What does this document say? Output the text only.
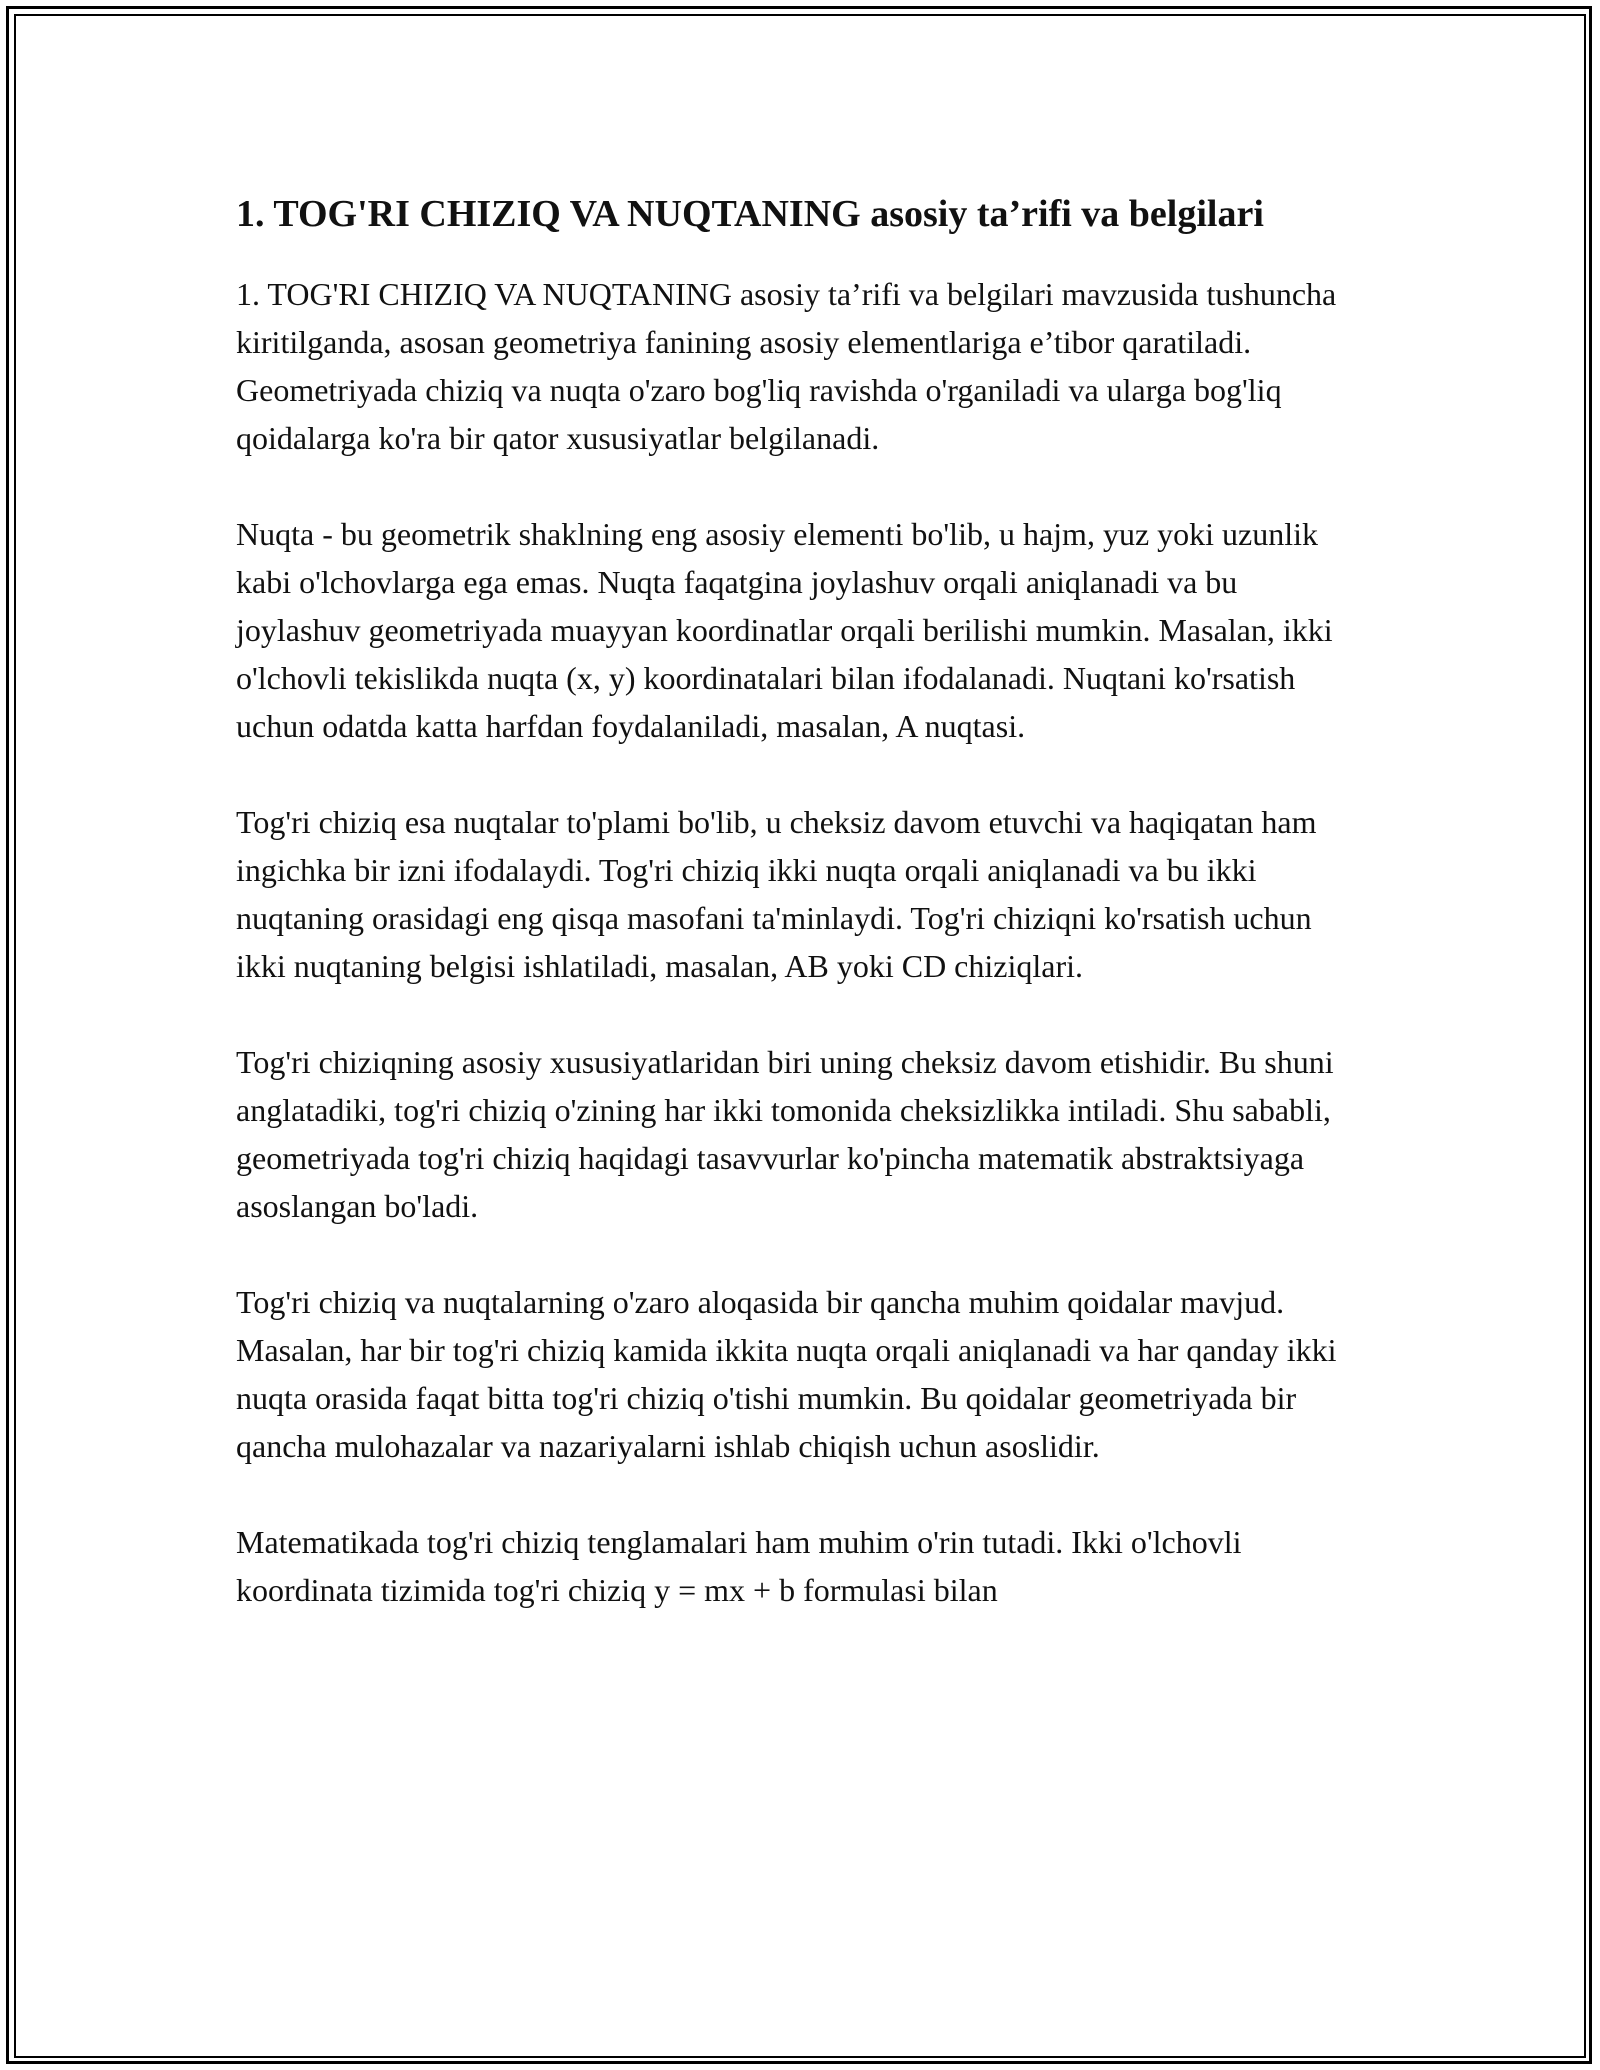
1. TOG'RI CHIZIQ VA NUQTANING asosiy ta’rifi va belgilari

1. TOG'RI CHIZIQ VA NUQTANING asosiy ta’rifi va belgilari mavzusida tushuncha kiritilganda, asosan geometriya fanining asosiy elementlariga e’tibor qaratiladi. Geometriyada chiziq va nuqta o'zaro bog'liq ravishda o'rganiladi va ularga bog'liq qoidalarga ko'ra bir qator xususiyatlar belgilanadi.

Nuqta - bu geometrik shaklning eng asosiy elementi bo'lib, u hajm, yuz yoki uzunlik kabi o'lchovlarga ega emas. Nuqta faqatgina joylashuv orqali aniqlanadi va bu joylashuv geometriyada muayyan koordinatlar orqali berilishi mumkin. Masalan, ikki o'lchovli tekislikda nuqta (x, y) koordinatalari bilan ifodalanadi. Nuqtani ko'rsatish uchun odatda katta harfdan foydalaniladi, masalan, A nuqtasi.

Tog'ri chiziq esa nuqtalar to'plami bo'lib, u cheksiz davom etuvchi va haqiqatan ham ingichka bir izni ifodalaydi. Tog'ri chiziq ikki nuqta orqali aniqlanadi va bu ikki nuqtaning orasidagi eng qisqa masofani ta'minlaydi. Tog'ri chiziqni ko'rsatish uchun ikki nuqtaning belgisi ishlatiladi, masalan, AB yoki CD chiziqlari.

Tog'ri chiziqning asosiy xususiyatlaridan biri uning cheksiz davom etishidir. Bu shuni anglatadiki, tog'ri chiziq o'zining har ikki tomonida cheksizlikka intiladi. Shu sababli, geometriyada tog'ri chiziq haqidagi tasavvurlar ko'pincha matematik abstraktsiyaga asoslangan bo'ladi.

Tog'ri chiziq va nuqtalarning o'zaro aloqasida bir qancha muhim qoidalar mavjud. Masalan, har bir tog'ri chiziq kamida ikkita nuqta orqali aniqlanadi va har qanday ikki nuqta orasida faqat bitta tog'ri chiziq o'tishi mumkin. Bu qoidalar geometriyada bir qancha mulohazalar va nazariyalarni ishlab chiqish uchun asoslidir.

Matematikada tog'ri chiziq tenglamalari ham muhim o'rin tutadi. Ikki o'lchovli koordinata tizimida tog'ri chiziq y = mx + b formulasi bilan
